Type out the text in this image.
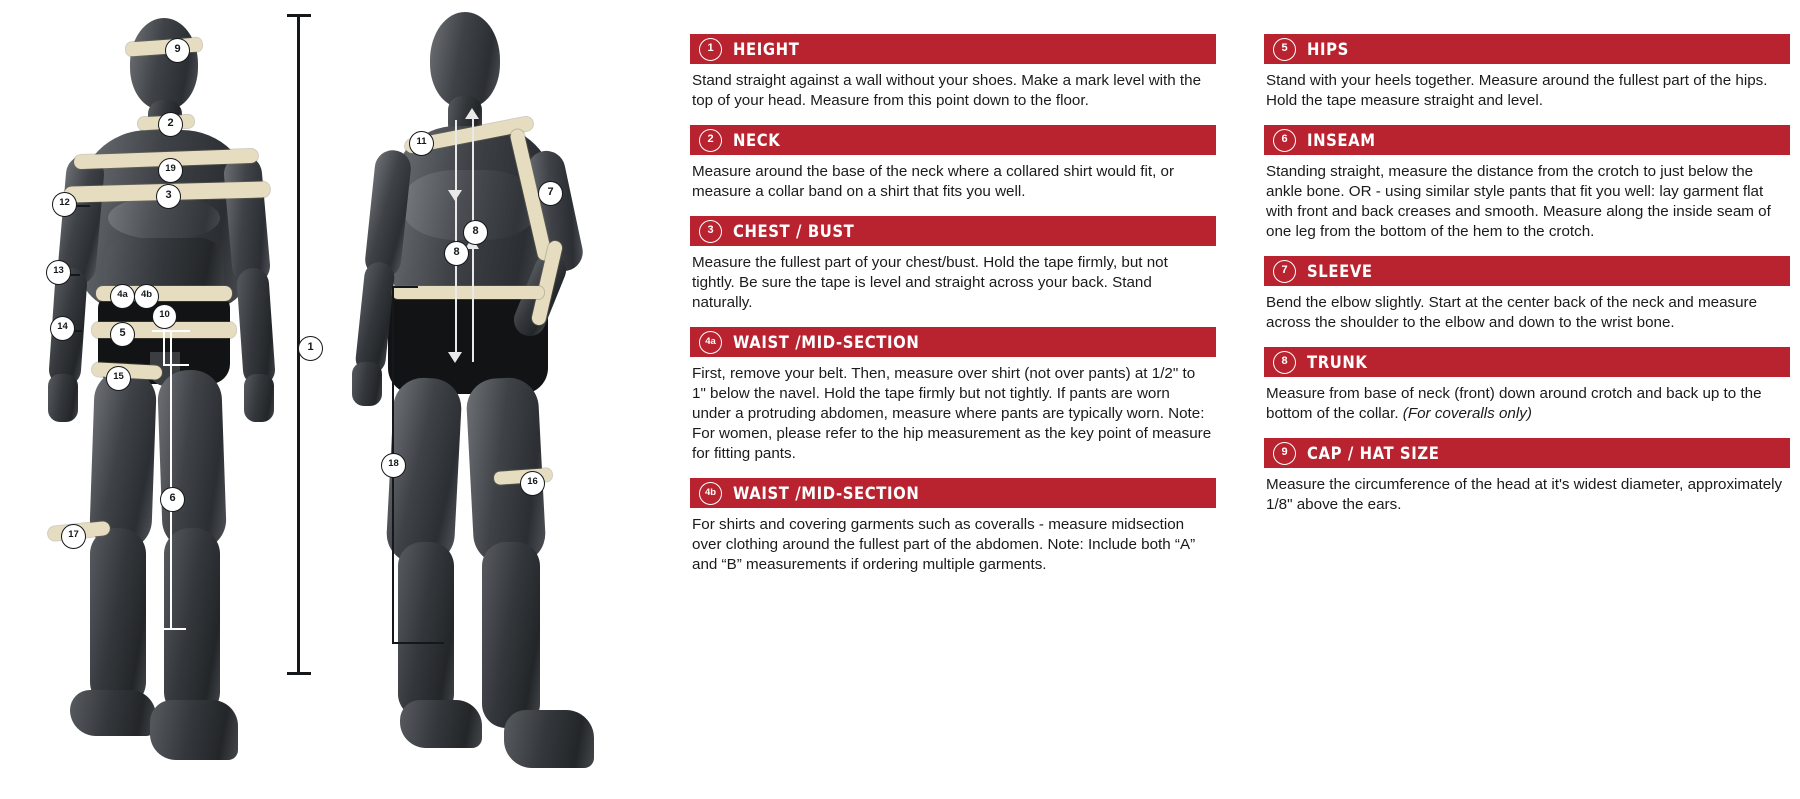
9
2
19
12
3
13
4a	4b
14
10
5
15
6
17
1
11
7
8
8
18
16
1	HEIGHT
Stand straight against a wall without your shoes. Make a mark level with the top of your head. Measure from this point down to the floor.
2	NECK
Measure around the base of the neck where a collared shirt would fit, or measure a collar band on a shirt that fits you well.
3	CHEST / BUST
Measure the fullest part of your chest/bust. Hold the tape firmly, but not tightly. Be sure the tape is level and straight across your back. Stand naturally.
4a	WAIST /MID-SECTION
First, remove your belt. Then, measure over shirt (not over pants) at 1/2" to 1" below the navel. Hold the tape firmly but not tightly. If pants are worn under a protruding abdomen, measure where pants are typically worn. Note: For women, please refer to the hip measurement as the key point of measure for fitting pants.
4b	WAIST /MID-SECTION
For shirts and covering garments such as coveralls - measure midsection over clothing around the fullest part of the abdomen. Note: Include both “A” and “B” measurements if ordering multiple garments.
5	HIPS
Stand with your heels together. Measure around the fullest part of the hips. Hold the tape measure straight and level.
6	INSEAM
Standing straight, measure the distance from the crotch to just below the ankle bone. OR - using similar style pants that fit you well: lay garment flat with front and back creases and smooth. Measure along the inside seam of one leg from the bottom of the hem to the crotch.
7	SLEEVE
Bend the elbow slightly. Start at the center back of the neck and measure across the shoulder to the elbow and down to the wrist bone.
8	TRUNK
Measure from base of neck (front) down around crotch and back up to the bottom of the collar. (For coveralls only)
9	CAP / HAT SIZE
Measure the circumference of the head at it's widest diameter, approximately 1/8" above the ears.
